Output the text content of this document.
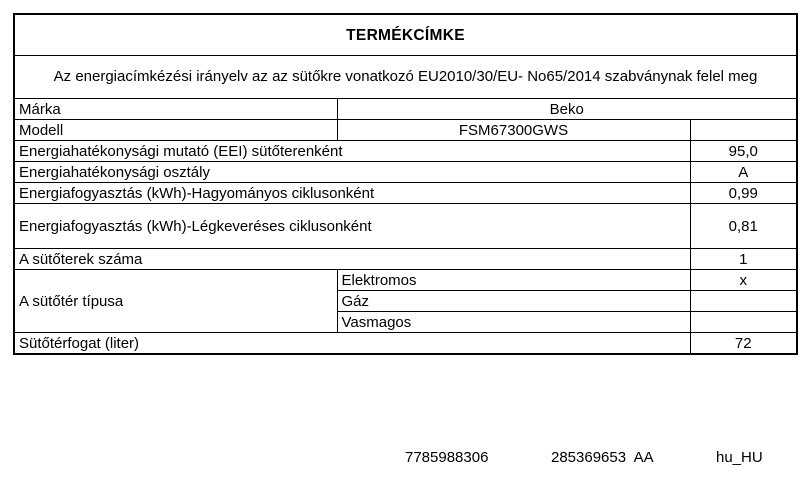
TERMÉKCÍMKE		
Az energiacímkézési irányelv az az sütőkre vonatkozó EU2010/30/EU- No65/2014 szabványnak felel meg		
Márka	Beko	
Modell	FSM67300GWS	
Energiahatékonysági mutató (EEI) sütőterenként		95,0
Energiahatékonysági osztály		A
Energiafogyasztás (kWh)-Hagyományos ciklusonként		0,99
Energiafogyasztás (kWh)-Légkeveréses ciklusonként		0,81
A sütőterek száma		1
A sütőtér típusa	Elektromos	x
	Gáz	
	Vasmagos	
Sütőtérfogat (liter)		72
7785988306	285369653  AA	hu_HU
